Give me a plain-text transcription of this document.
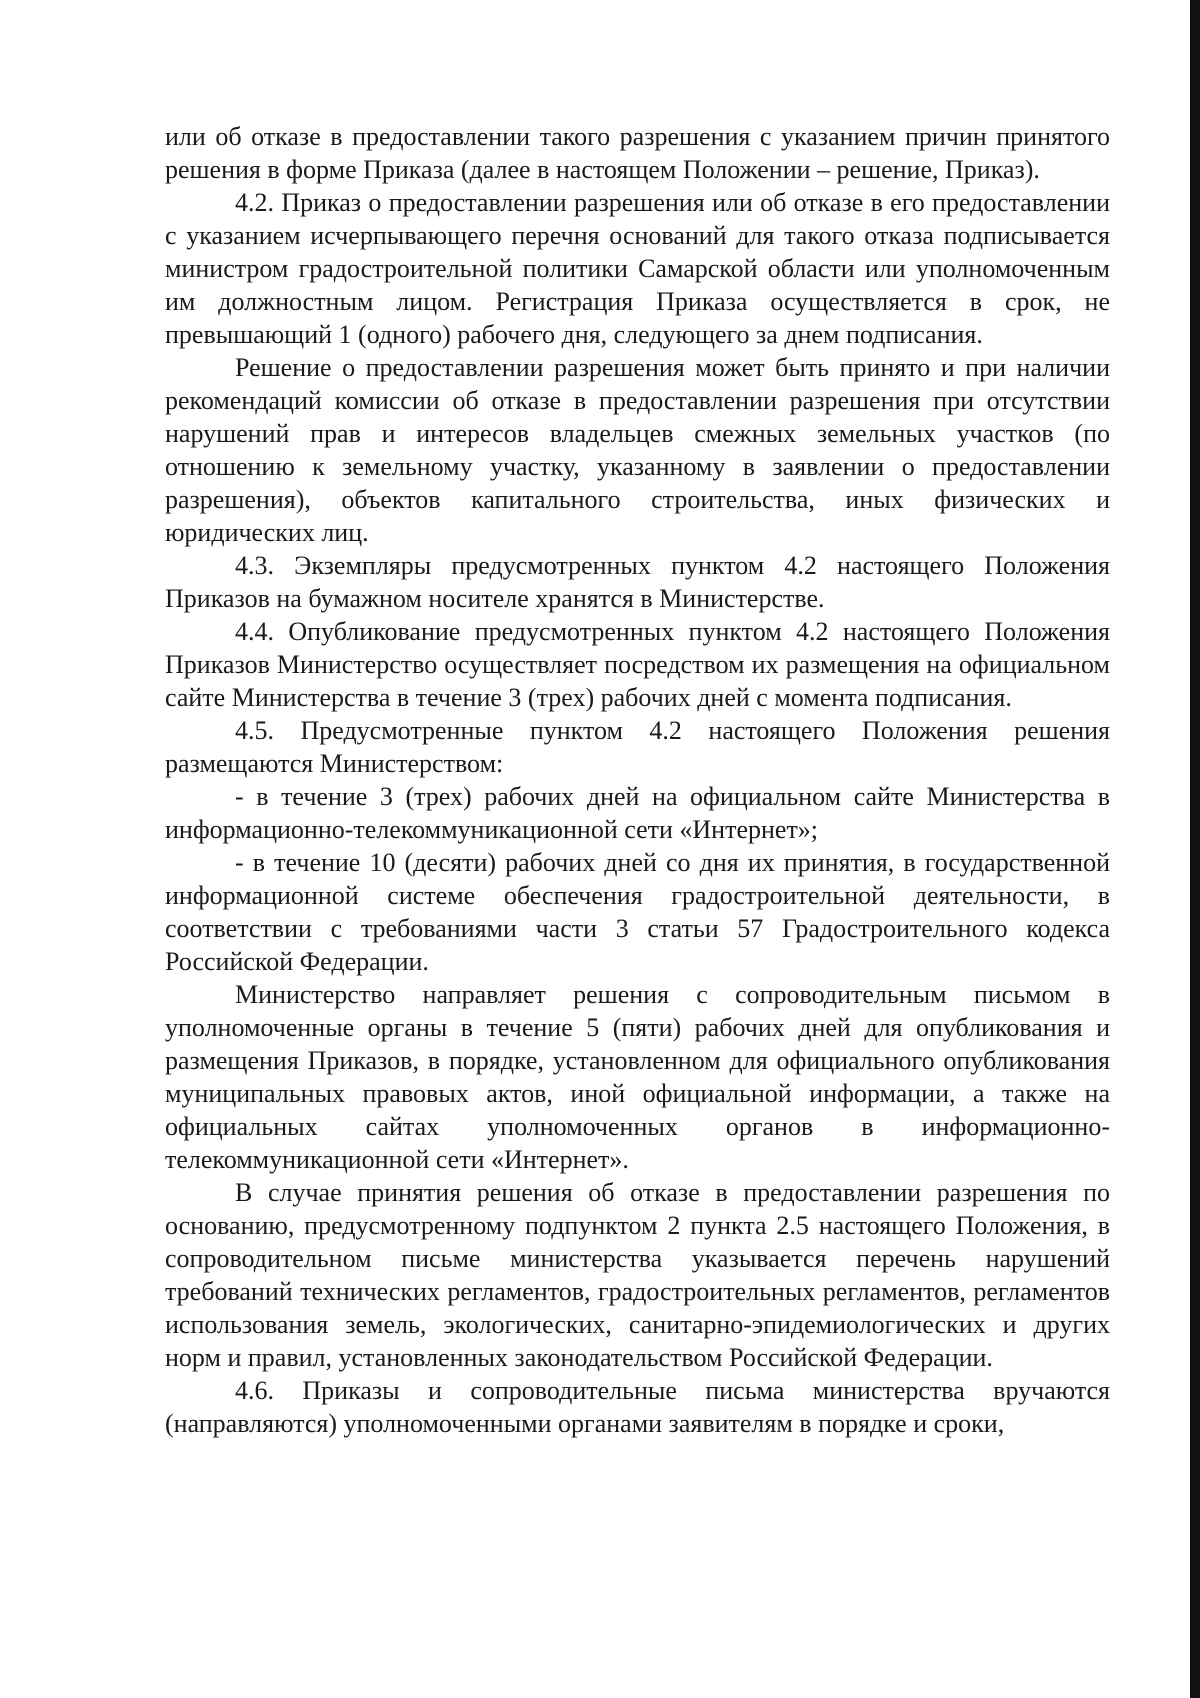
или об отказе в предоставлении такого разрешения с указанием причин принятого решения в форме Приказа (далее в настоящем Положении – решение, Приказ).

4.2. Приказ о предоставлении разрешения или об отказе в его предоставлении с указанием исчерпывающего перечня оснований для такого отказа подписывается министром градостроительной политики Самарской области или уполномоченным им должностным лицом. Регистрация Приказа осуществляется в срок, не превышающий 1 (одного) рабочего дня, следующего за днем подписания.

Решение о предоставлении разрешения может быть принято и при наличии рекомендаций комиссии об отказе в предоставлении разрешения при отсутствии нарушений прав и интересов владельцев смежных земельных участков (по отношению к земельному участку, указанному в заявлении о предоставлении разрешения), объектов капитального строительства, иных физических и юридических лиц.

4.3. Экземпляры предусмотренных пунктом 4.2 настоящего Положения Приказов на бумажном носителе хранятся в Министерстве.

4.4. Опубликование предусмотренных пунктом 4.2 настоящего Положения Приказов Министерство осуществляет посредством их размещения на официальном сайте Министерства в течение 3 (трех) рабочих дней с момента подписания.

4.5. Предусмотренные пунктом 4.2 настоящего Положения решения размещаются Министерством:

- в течение 3 (трех) рабочих дней на официальном сайте Министерства в информационно-телекоммуникационной сети «Интернет»;

- в течение 10 (десяти) рабочих дней со дня их принятия, в государственной информационной системе обеспечения градостроительной деятельности, в соответствии с требованиями части 3 статьи 57 Градостроительного кодекса Российской Федерации.

Министерство направляет решения с сопроводительным письмом в уполномоченные органы в течение 5 (пяти) рабочих дней для опубликования и размещения Приказов, в порядке, установленном для официального опубликования муниципальных правовых актов, иной официальной информации, а также на официальных сайтах уполномоченных органов в информационно-телекоммуникационной сети «Интернет».

В случае принятия решения об отказе в предоставлении разрешения по основанию, предусмотренному подпунктом 2 пункта 2.5 настоящего Положения, в сопроводительном письме министерства указывается перечень нарушений требований технических регламентов, градостроительных регламентов, регламентов использования земель, экологических, санитарно-эпидемиологических и других норм и правил, установленных законодательством Российской Федерации.

4.6. Приказы и сопроводительные письма министерства вручаются (направляются) уполномоченными органами заявителям в порядке и сроки,
